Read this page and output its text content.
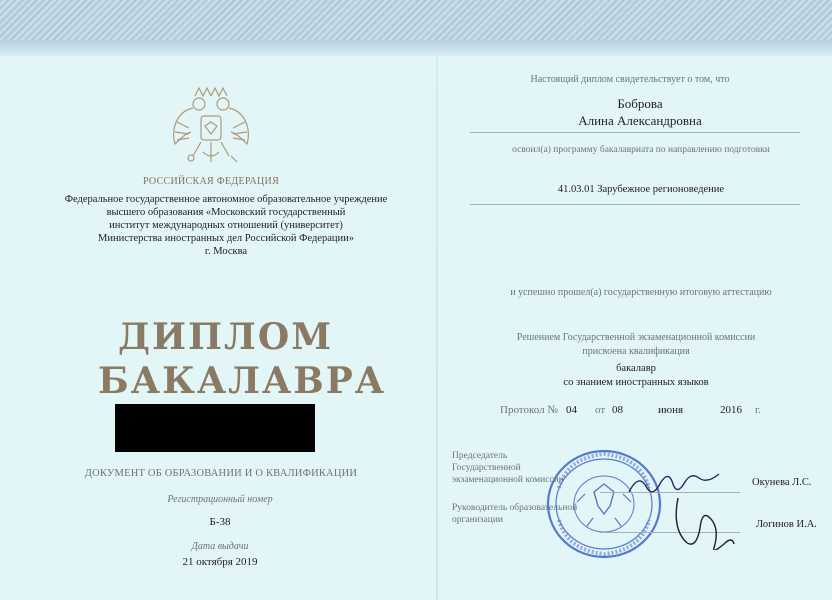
РОССИЙСКАЯ ФЕДЕРАЦИЯ
Федеральное государственное автономное образовательное учреждение
высшего образования «Московский государственный
институт международных отношений (университет)
Министерства иностранных дел Российской Федерации»
г. Москва
ДИПЛОМ
БАКАЛАВРА
ДОКУМЕНТ ОБ ОБРАЗОВАНИИ И О КВАЛИФИКАЦИИ
Регистрационный номер
Б-38
Дата выдачи
21 октября 2019
Настоящий диплом свидетельствует о том, что
Боброва
Алина Александровна
освоил(а) программу бакалавриата по направлению подготовки
41.03.01 Зарубежное регионоведение
и успешно прошел(а) государственную итоговую аттестацию
Решением Государственной экзаменационной комиссии
присвоена квалификация
бакалавр
со знанием иностранных языков
Протокол № 04 от 08	июня	2016 г.
Председатель
Государственной
экзаменационной комиссии	Окунева Л.С.
Руководитель образовательной
организации	Логинов И.А.
